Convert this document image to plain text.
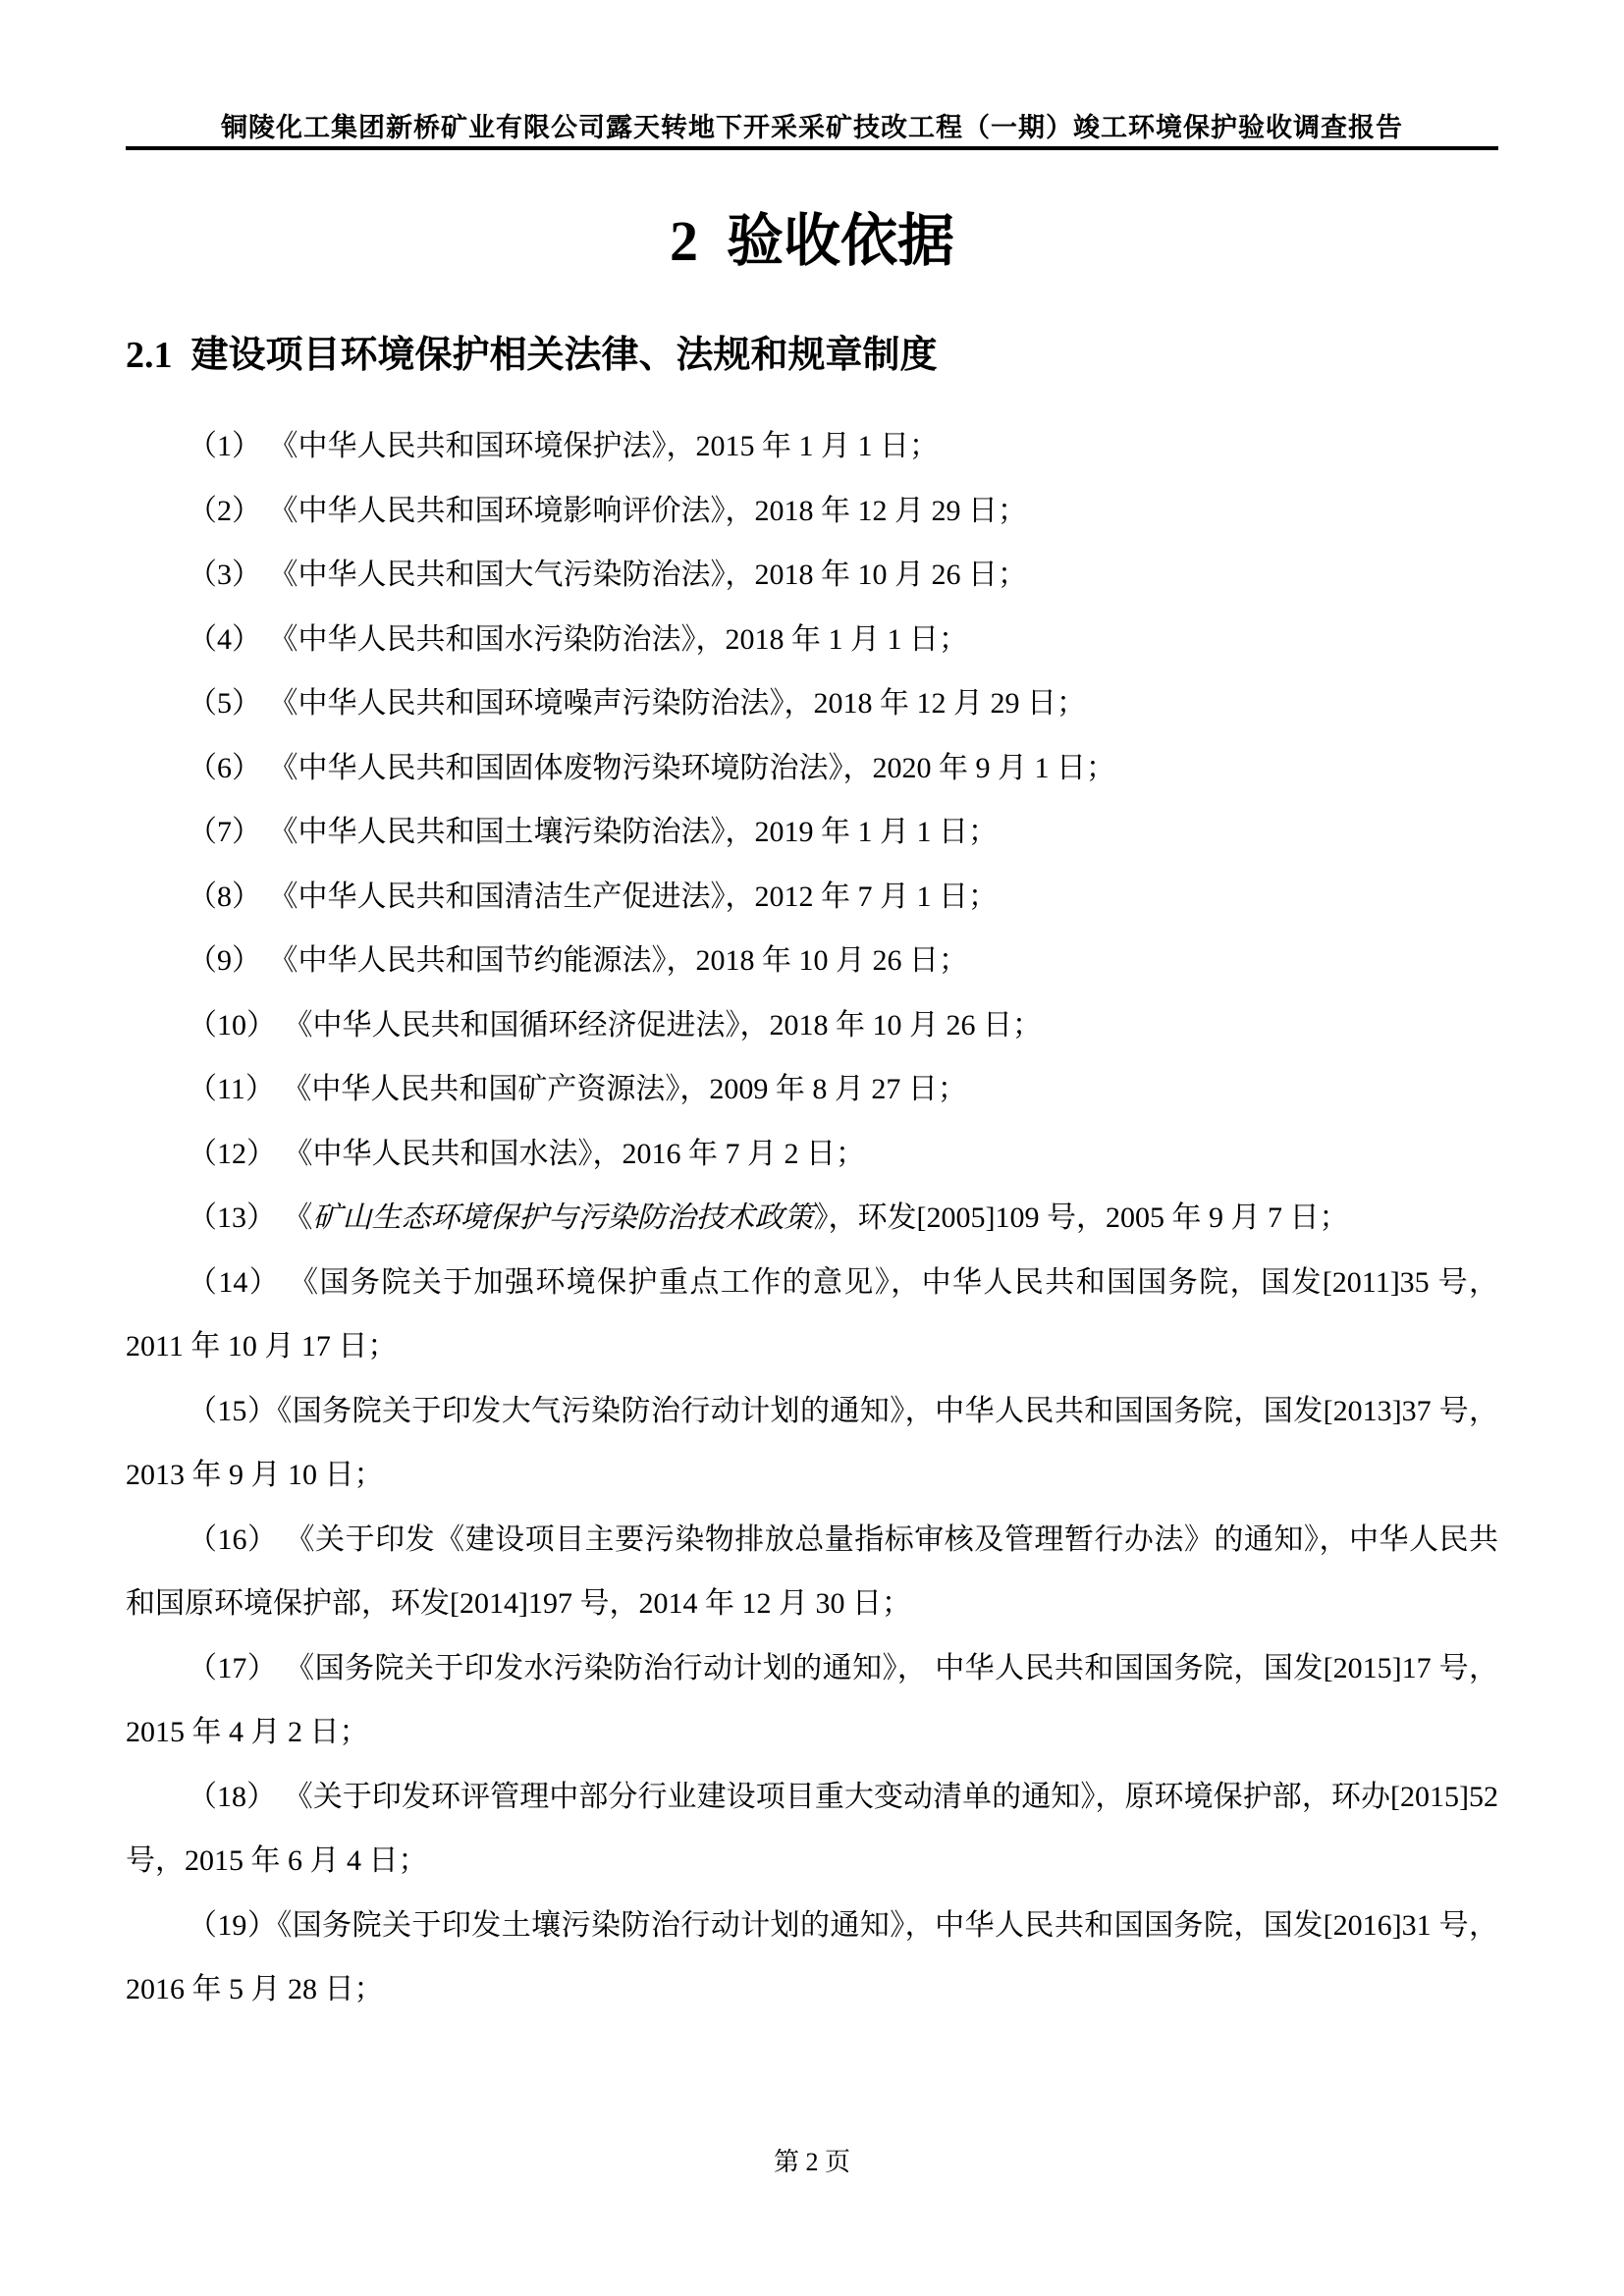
铜陵化工集团新桥矿业有限公司露天转地下开采采矿技改工程（一期）竣工环境保护验收调查报告
2  验收依据
2.1  建设项目环境保护相关法律、法规和规章制度

（1） 《中华人民共和国环境保护法》，2015 年 1 月 1 日；

（2） 《中华人民共和国环境影响评价法》，2018 年 12 月 29 日；

（3） 《中华人民共和国大气污染防治法》，2018 年 10 月 26 日；

（4） 《中华人民共和国水污染防治法》，2018 年 1 月 1 日；

（5） 《中华人民共和国环境噪声污染防治法》，2018 年 12 月 29 日；

（6） 《中华人民共和国固体废物污染环境防治法》，2020 年 9 月 1 日；

（7） 《中华人民共和国土壤污染防治法》，2019 年 1 月 1 日；

（8） 《中华人民共和国清洁生产促进法》，2012 年 7 月 1 日；

（9） 《中华人民共和国节约能源法》，2018 年 10 月 26 日；

（10） 《中华人民共和国循环经济促进法》，2018 年 10 月 26 日；

（11） 《中华人民共和国矿产资源法》，2009 年 8 月 27 日；

（12） 《中华人民共和国水法》，2016 年 7 月 2 日；

（13） 《矿山生态环境保护与污染防治技术政策》，环发[2005]109 号，2005 年 9 月 7 日；

（14） 《国务院关于加强环境保护重点工作的意见》，中华人民共和国国务院，国发[2011]35 号，2011 年 10 月 17 日；

（15）《国务院关于印发大气污染防治行动计划的通知》，中华人民共和国国务院，国发[2013]37 号，2013 年 9 月 10 日；

（16） 《关于印发《建设项目主要污染物排放总量指标审核及管理暂行办法》的通知》，中华人民共和国原环境保护部，环发[2014]197 号，2014 年 12 月 30 日；

（17） 《国务院关于印发水污染防治行动计划的通知》， 中华人民共和国国务院，国发[2015]17 号，2015 年 4 月 2 日；

（18） 《关于印发环评管理中部分行业建设项目重大变动清单的通知》，原环境保护部，环办[2015]52 号，2015 年 6 月 4 日；

（19）《国务院关于印发土壤污染防治行动计划的通知》，中华人民共和国国务院，国发[2016]31 号，2016 年 5 月 28 日；

第 2 页
